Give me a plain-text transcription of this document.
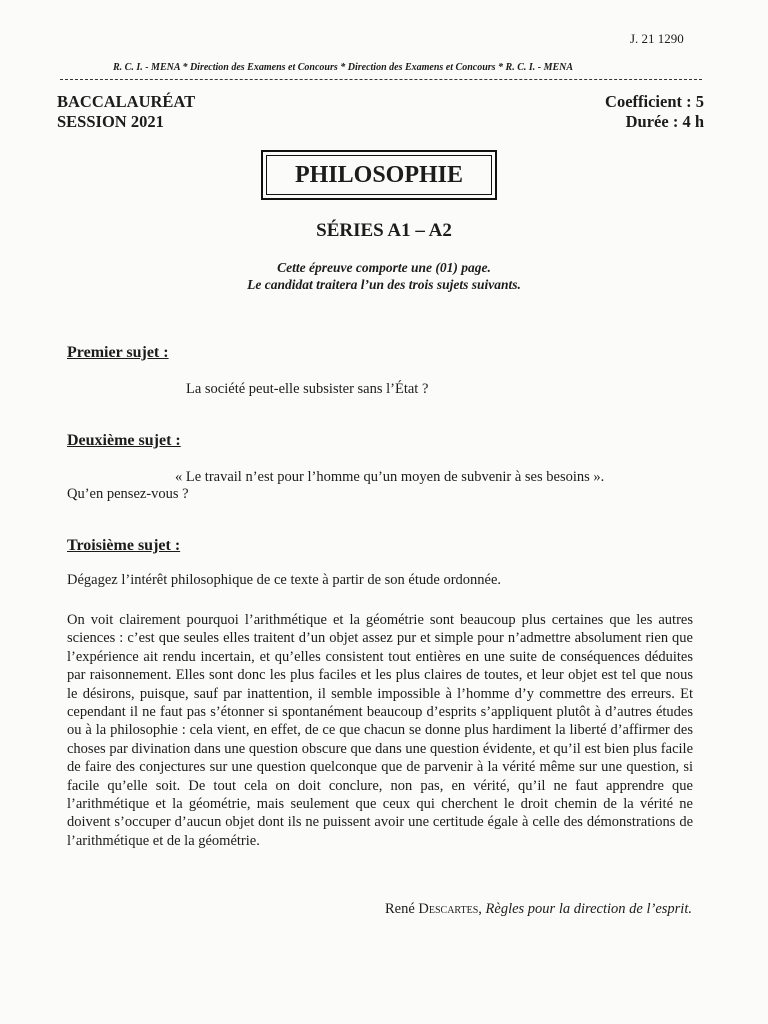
J. 21 1290
R. C. I. - MENA * Direction des Examens et Concours * Direction des Examens et Concours * R. C. I. - MENA
BACCALAURÉAT
SESSION 2021
Coefficient : 5
Durée : 4 h
PHILOSOPHIE
SÉRIES A1 – A2
Cette épreuve comporte une (01) page.
Le candidat traitera l’un des trois sujets suivants.
Premier sujet :
La société peut-elle subsister sans l’État ?
Deuxième sujet :
« Le travail n’est pour l’homme qu’un moyen de subvenir à ses besoins ».
Qu’en pensez-vous ?
Troisième sujet :
Dégagez l’intérêt philosophique de ce texte à partir de son étude ordonnée.
On voit clairement pourquoi l’arithmétique et la géométrie sont beaucoup plus certaines que les autres sciences : c’est que seules elles traitent d’un objet assez pur et simple pour n’admettre absolument rien que l’expérience ait rendu incertain, et qu’elles consistent tout entières en une suite de conséquences déduites par raisonnement. Elles sont donc les plus faciles et les plus claires de toutes, et leur objet est tel que nous le désirons, puisque, sauf par inattention, il semble impossible à l’homme d’y commettre des erreurs. Et cependant il ne faut pas s’étonner si spontanément beaucoup d’esprits s’appliquent plutôt à d’autres études ou à la philosophie : cela vient, en effet, de ce que chacun se donne plus hardiment la liberté d’affirmer des choses par divination dans une question obscure que dans une question évidente, et qu’il est bien plus facile de faire des conjectures sur une question quelconque que de parvenir à la vérité même sur une question, si facile qu’elle soit. De tout cela on doit conclure, non pas, en vérité, qu’il ne faut apprendre que l’arithmétique et la géométrie, mais seulement que ceux qui cherchent le droit chemin de la vérité ne doivent s’occuper d’aucun objet dont ils ne puissent avoir une certitude égale à celle des démonstrations de l’arithmétique et de la géométrie.
René Descartes, Règles pour la direction de l’esprit.
